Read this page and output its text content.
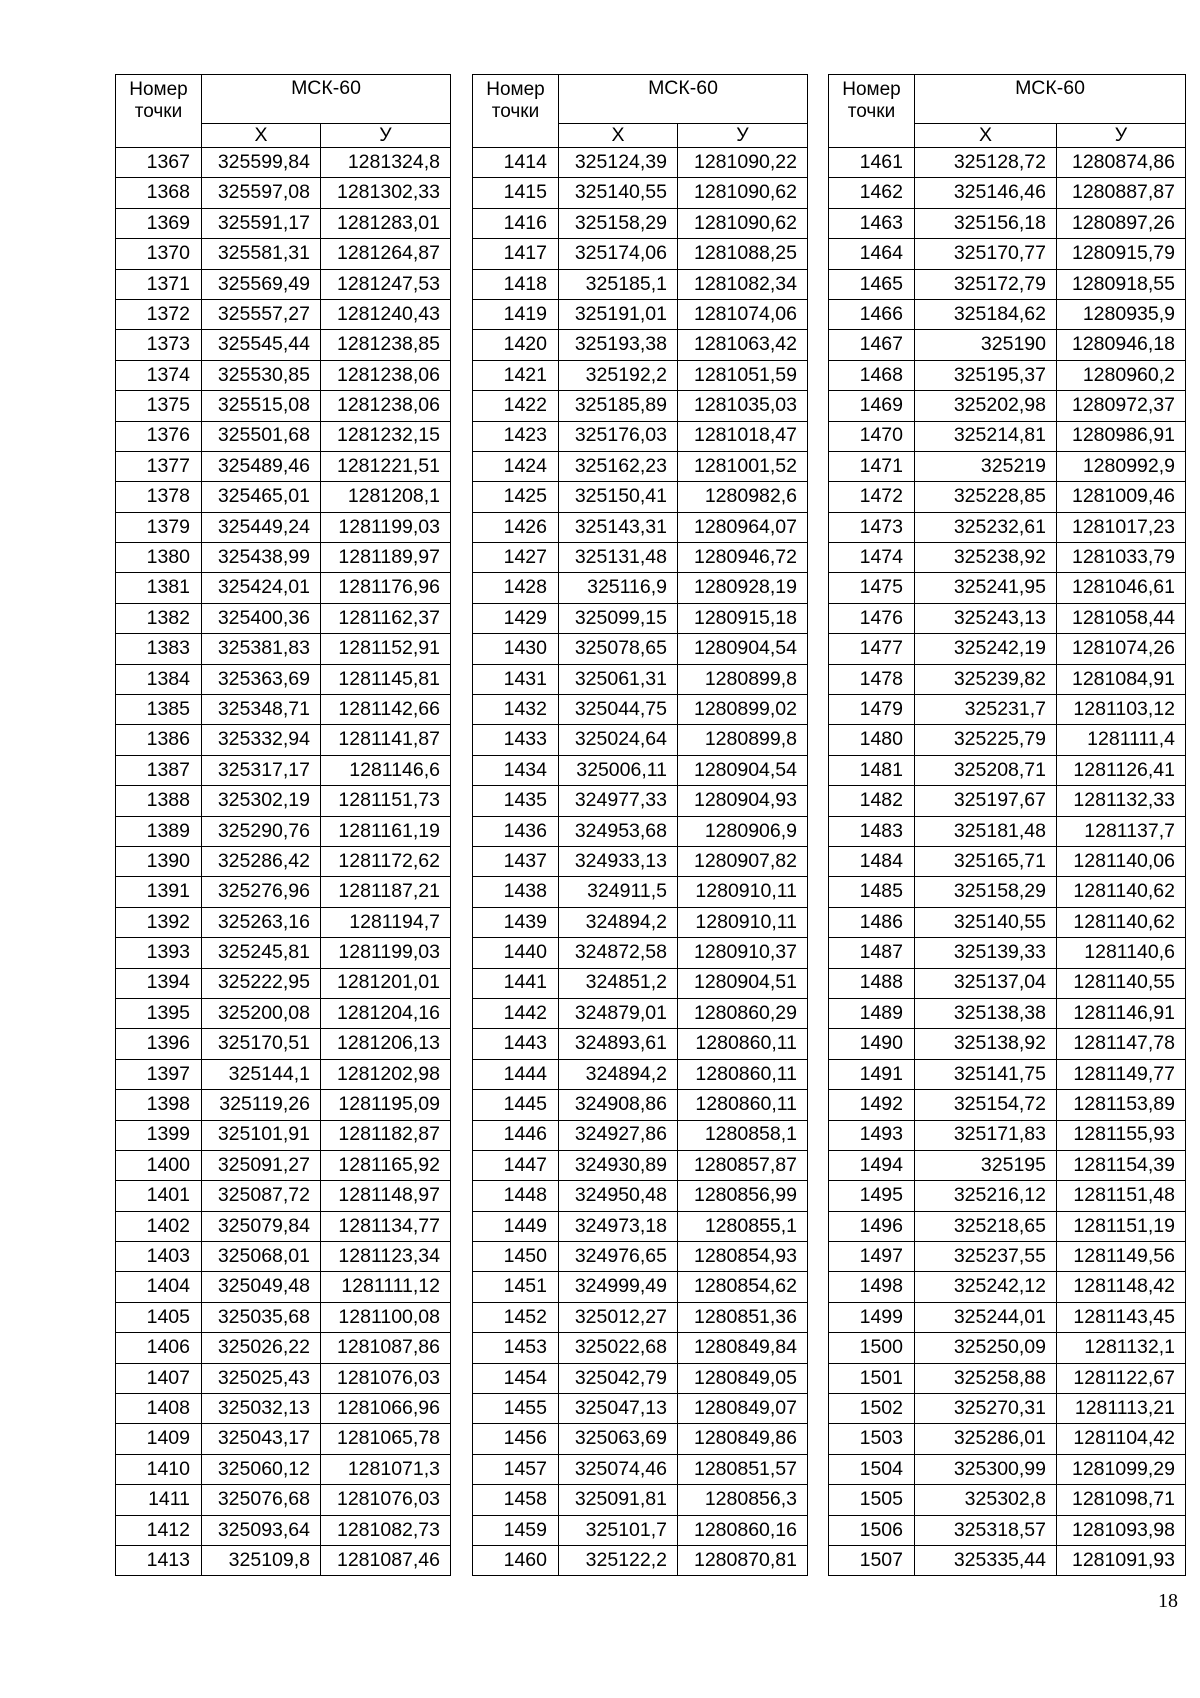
Номер
точки	МСК-60	
	X	У
1367	325599,84	1281324,8
1368	325597,08	1281302,33
1369	325591,17	1281283,01
1370	325581,31	1281264,87
1371	325569,49	1281247,53
1372	325557,27	1281240,43
1373	325545,44	1281238,85
1374	325530,85	1281238,06
1375	325515,08	1281238,06
1376	325501,68	1281232,15
1377	325489,46	1281221,51
1378	325465,01	1281208,1
1379	325449,24	1281199,03
1380	325438,99	1281189,97
1381	325424,01	1281176,96
1382	325400,36	1281162,37
1383	325381,83	1281152,91
1384	325363,69	1281145,81
1385	325348,71	1281142,66
1386	325332,94	1281141,87
1387	325317,17	1281146,6
1388	325302,19	1281151,73
1389	325290,76	1281161,19
1390	325286,42	1281172,62
1391	325276,96	1281187,21
1392	325263,16	1281194,7
1393	325245,81	1281199,03
1394	325222,95	1281201,01
1395	325200,08	1281204,16
1396	325170,51	1281206,13
1397	325144,1	1281202,98
1398	325119,26	1281195,09
1399	325101,91	1281182,87
1400	325091,27	1281165,92
1401	325087,72	1281148,97
1402	325079,84	1281134,77
1403	325068,01	1281123,34
1404	325049,48	1281111,12
1405	325035,68	1281100,08
1406	325026,22	1281087,86
1407	325025,43	1281076,03
1408	325032,13	1281066,96
1409	325043,17	1281065,78
1410	325060,12	1281071,3
1411	325076,68	1281076,03
1412	325093,64	1281082,73
1413	325109,8	1281087,46
Номер
точки	МСК-60	
	X	У
1414	325124,39	1281090,22
1415	325140,55	1281090,62
1416	325158,29	1281090,62
1417	325174,06	1281088,25
1418	325185,1	1281082,34
1419	325191,01	1281074,06
1420	325193,38	1281063,42
1421	325192,2	1281051,59
1422	325185,89	1281035,03
1423	325176,03	1281018,47
1424	325162,23	1281001,52
1425	325150,41	1280982,6
1426	325143,31	1280964,07
1427	325131,48	1280946,72
1428	325116,9	1280928,19
1429	325099,15	1280915,18
1430	325078,65	1280904,54
1431	325061,31	1280899,8
1432	325044,75	1280899,02
1433	325024,64	1280899,8
1434	325006,11	1280904,54
1435	324977,33	1280904,93
1436	324953,68	1280906,9
1437	324933,13	1280907,82
1438	324911,5	1280910,11
1439	324894,2	1280910,11
1440	324872,58	1280910,37
1441	324851,2	1280904,51
1442	324879,01	1280860,29
1443	324893,61	1280860,11
1444	324894,2	1280860,11
1445	324908,86	1280860,11
1446	324927,86	1280858,1
1447	324930,89	1280857,87
1448	324950,48	1280856,99
1449	324973,18	1280855,1
1450	324976,65	1280854,93
1451	324999,49	1280854,62
1452	325012,27	1280851,36
1453	325022,68	1280849,84
1454	325042,79	1280849,05
1455	325047,13	1280849,07
1456	325063,69	1280849,86
1457	325074,46	1280851,57
1458	325091,81	1280856,3
1459	325101,7	1280860,16
1460	325122,2	1280870,81
Номер
точки	МСК-60	
	X	У
1461	325128,72	1280874,86
1462	325146,46	1280887,87
1463	325156,18	1280897,26
1464	325170,77	1280915,79
1465	325172,79	1280918,55
1466	325184,62	1280935,9
1467	325190	1280946,18
1468	325195,37	1280960,2
1469	325202,98	1280972,37
1470	325214,81	1280986,91
1471	325219	1280992,9
1472	325228,85	1281009,46
1473	325232,61	1281017,23
1474	325238,92	1281033,79
1475	325241,95	1281046,61
1476	325243,13	1281058,44
1477	325242,19	1281074,26
1478	325239,82	1281084,91
1479	325231,7	1281103,12
1480	325225,79	1281111,4
1481	325208,71	1281126,41
1482	325197,67	1281132,33
1483	325181,48	1281137,7
1484	325165,71	1281140,06
1485	325158,29	1281140,62
1486	325140,55	1281140,62
1487	325139,33	1281140,6
1488	325137,04	1281140,55
1489	325138,38	1281146,91
1490	325138,92	1281147,78
1491	325141,75	1281149,77
1492	325154,72	1281153,89
1493	325171,83	1281155,93
1494	325195	1281154,39
1495	325216,12	1281151,48
1496	325218,65	1281151,19
1497	325237,55	1281149,56
1498	325242,12	1281148,42
1499	325244,01	1281143,45
1500	325250,09	1281132,1
1501	325258,88	1281122,67
1502	325270,31	1281113,21
1503	325286,01	1281104,42
1504	325300,99	1281099,29
1505	325302,8	1281098,71
1506	325318,57	1281093,98
1507	325335,44	1281091,93
18
